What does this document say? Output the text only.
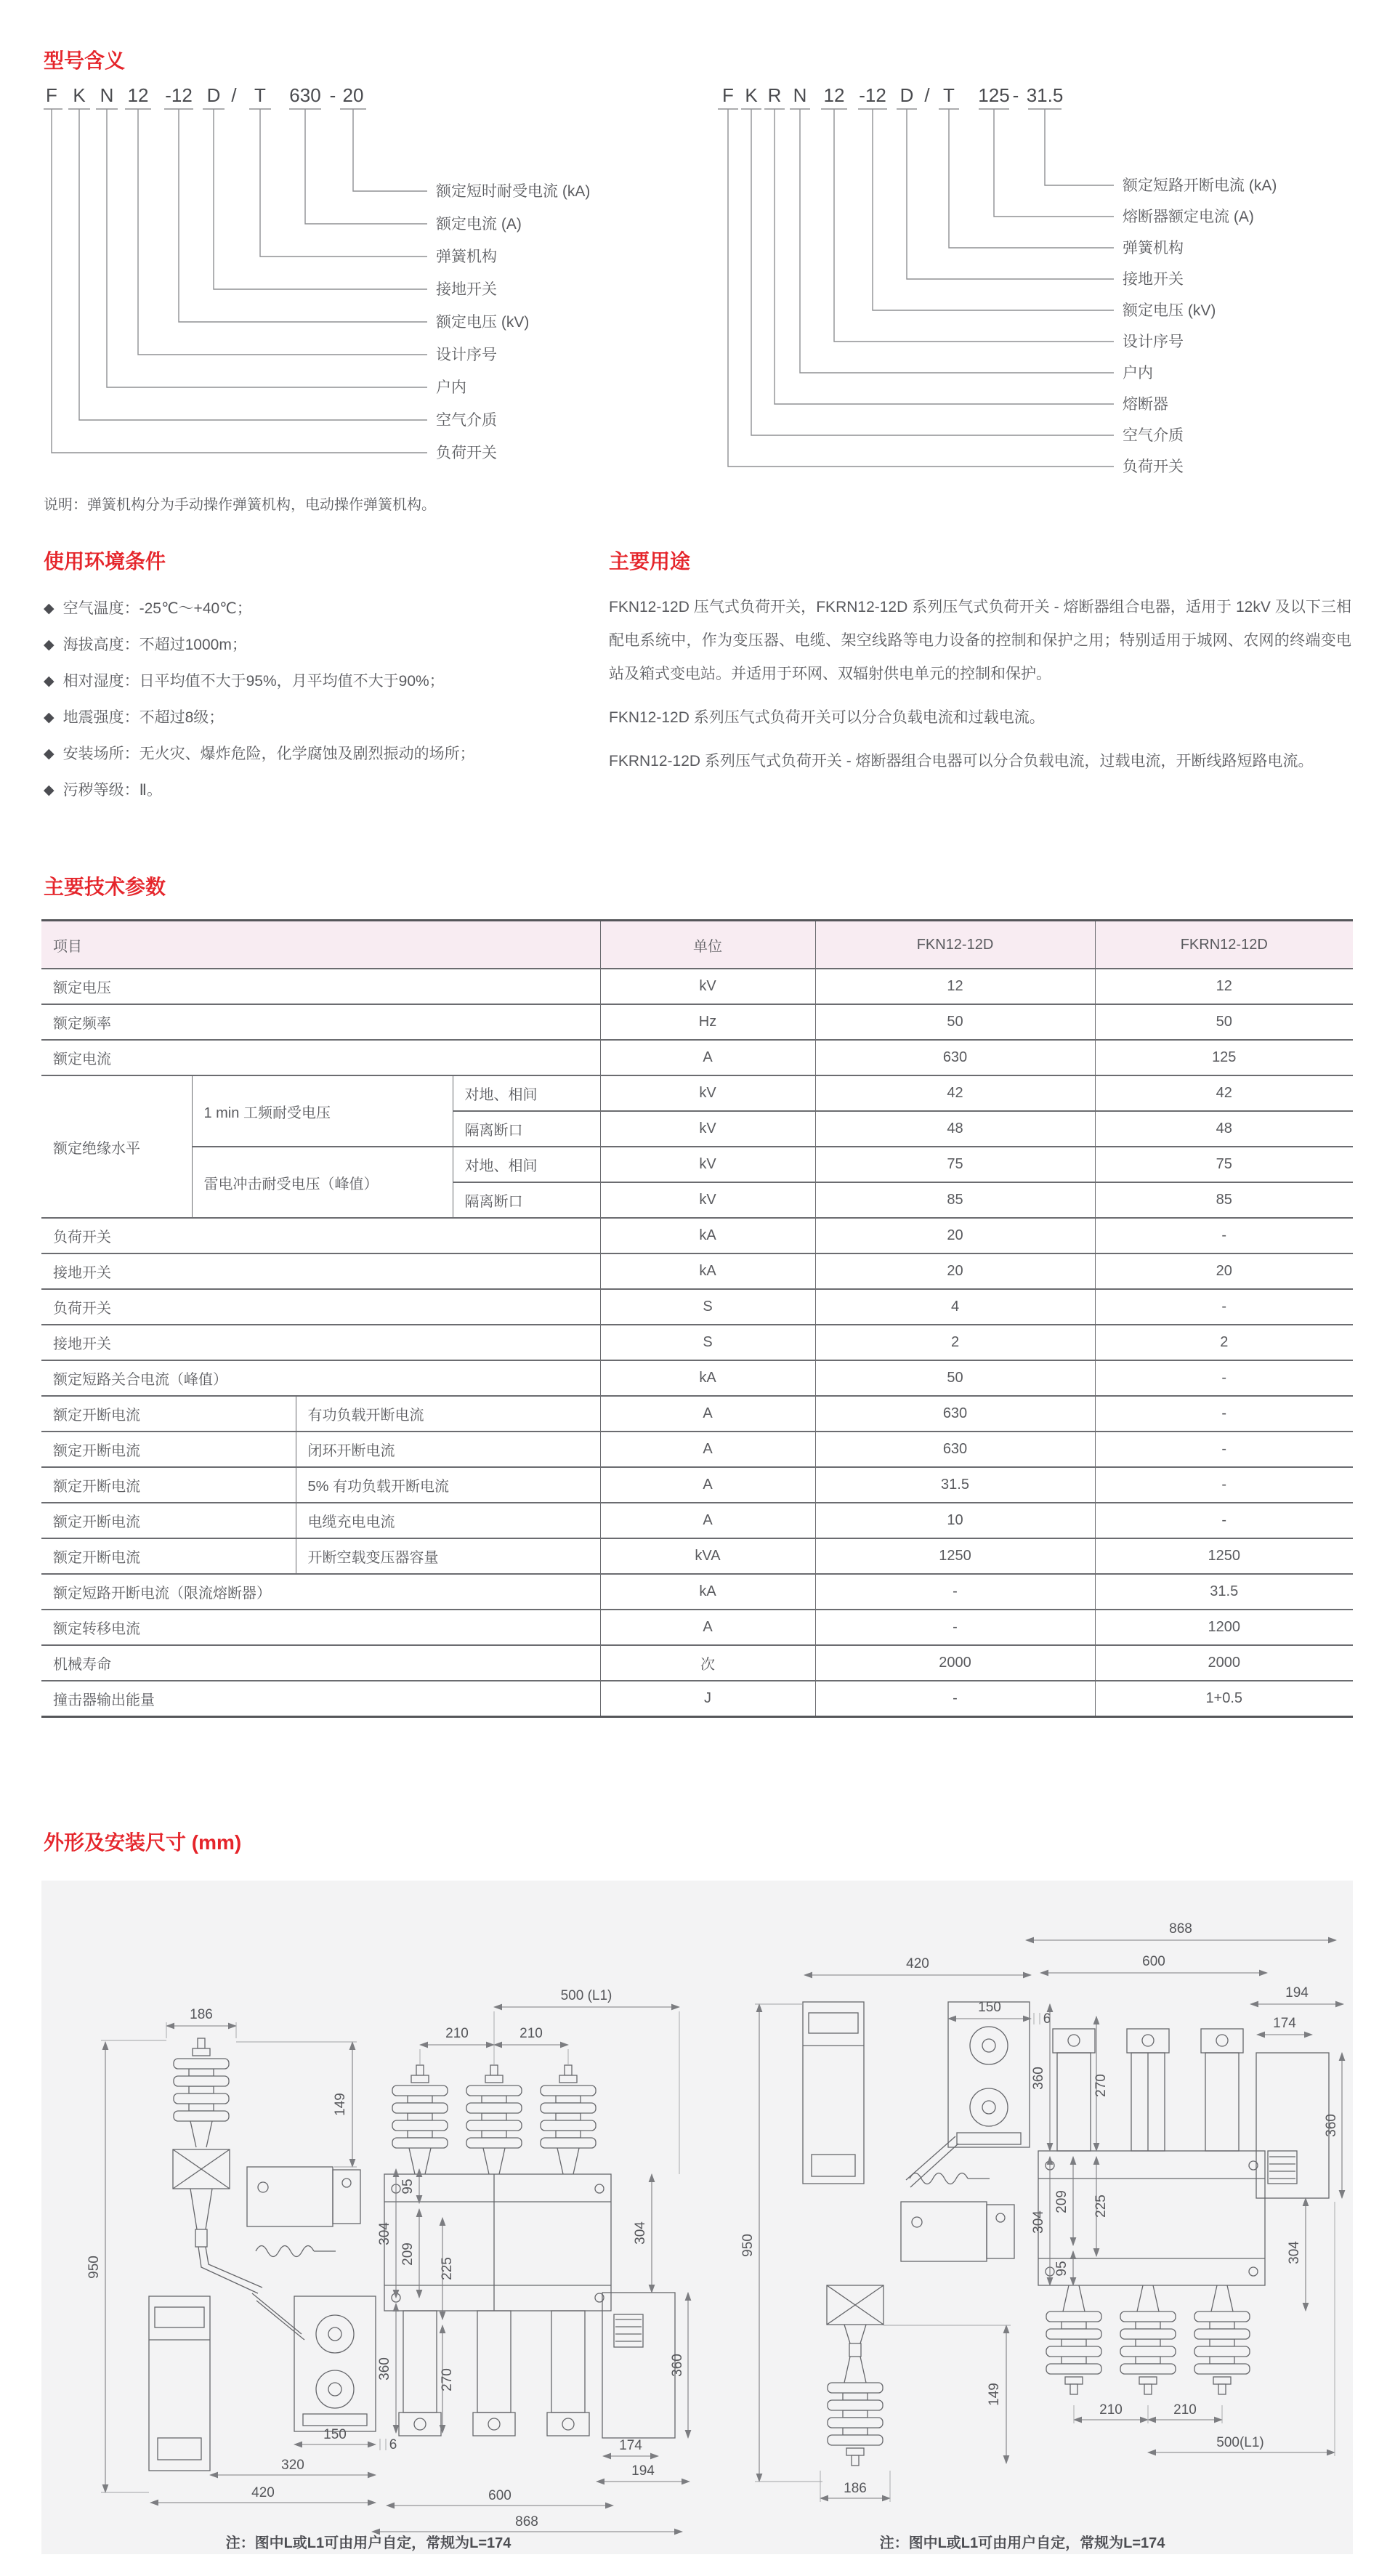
型号含义
F K N 12 -12 D / T 630 - 20
额定短时耐受电流 (kA)
额定电流 (A)
弹簧机构
接地开关
额定电压 (kV)
设计序号
户内
空气介质
负荷开关
F K R N 12 -12 D / T 125 - 31.5
额定短路开断电流 (kA)
熔断器额定电流 (A)
弹簧机构
接地开关
额定电压 (kV)
设计序号
户内
熔断器
空气介质
负荷开关
说明：弹簧机构分为手动操作弹簧机构，电动操作弹簧机构。
使用环境条件
◆ 空气温度：-25℃～+40℃；
◆ 海拔高度：不超过1000m；
◆ 相对湿度：日平均值不大于95%，月平均值不大于90%；
◆ 地震强度：不超过8级；
◆ 安装场所：无火灾、爆炸危险，化学腐蚀及剧烈振动的场所；
◆ 污秽等级：Ⅱ。
主要用途

FKN12-12D 压气式负荷开关，FKRN12-12D 系列压气式负荷开关 - 熔断器组合电器，适用于 12kV 及以下三相配电系统中，作为变压器、电缆、架空线路等电力设备的控制和保护之用；特别适用于城网、农网的终端变电站及箱式变电站。并适用于环网、双辐射供电单元的控制和保护。

FKN12-12D 系列压气式负荷开关可以分合负载电流和过载电流。

FKRN12-12D 系列压气式负荷开关 - 熔断器组合电器可以分合负载电流，过载电流，开断线路短路电流。

主要技术参数
项目				单位	FKN12-12D	FKRN12-12D
额定电压				kV	12	12
额定频率				Hz	50	50
额定电流				A	630	125
额定绝缘水平	1 min 工频耐受电压		对地、相间	kV	42	42
			隔离断口	kV	48	48
	雷电冲击耐受电压（峰值）		对地、相间	kV	75	75
			隔离断口	kV	85	85
负荷开关				kA	20	-
接地开关				kA	20	20
负荷开关				S	4	-
接地开关				S	2	2
额定短路关合电流（峰值）				kA	50	-
额定开断电流		有功负载开断电流		A	630	-
额定开断电流		闭环开断电流		A	630	-
额定开断电流		5% 有功负载开断电流		A	31.5	-
额定开断电流		电缆充电电流		A	10	-
额定开断电流		开断空载变压器容量		kVA	1250	1250
额定短路开断电流（限流熔断器）				kA	-	31.5
额定转移电流				A	-	1200
机械寿命				次	2000	2000
撞击器输出能量				J	-	1+0.5
外形及安装尺寸 (mm)
186
950
149
95
304
209
225
360	270
500 (L1)
210	210
304
360
174
194
600
868
150
6
320
420
注：图中L或L1可由用户自定，常规为L=174
868
600
194
174
420
150
6
950
360	270
209 225
95
304
360
304
149
186
210	210
500(L1)
注：图中L或L1可由用户自定，常规为L=174
